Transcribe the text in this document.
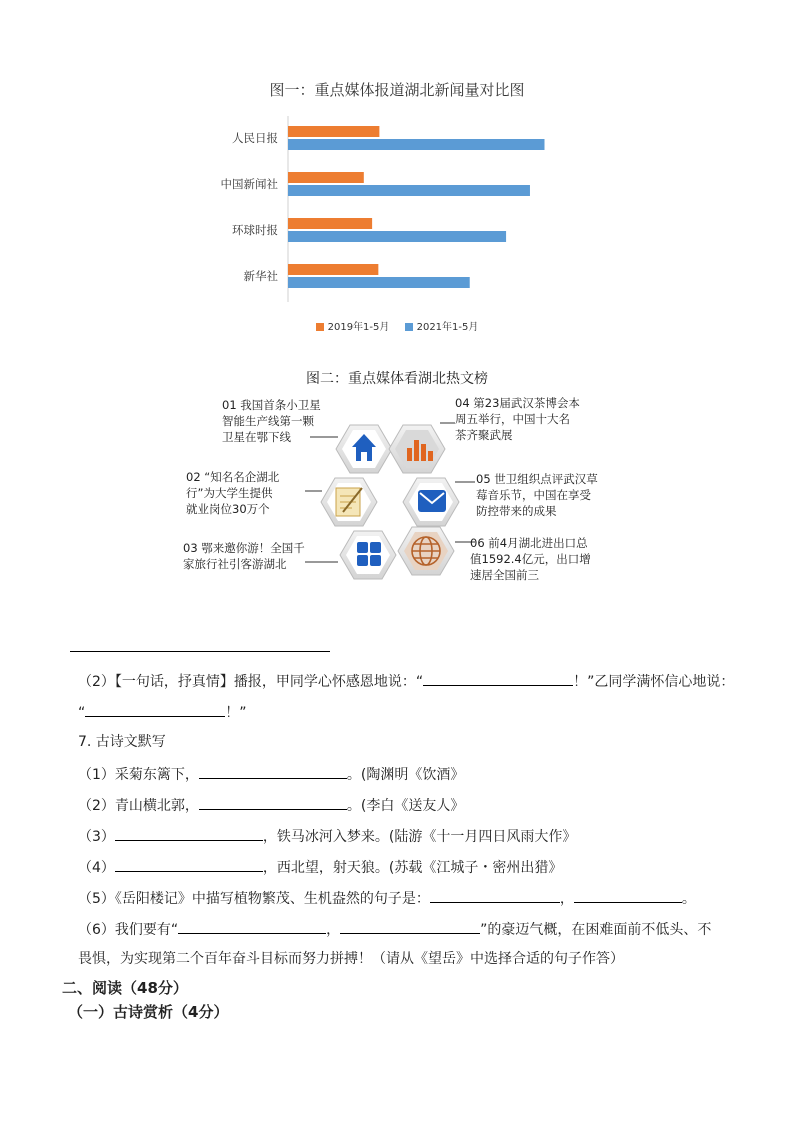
图一：重点媒体报道湖北新闻量对比图
人民日报
中国新闻社
环球时报
新华社
2019年1-5月	2021年1-5月
图二：重点媒体看湖北热文榜
01 我国首条小卫星
智能生产线第一颗
卫星在鄂下线
04 第23届武汉茶博会本
周五举行，中国十大名
茶齐聚武展
02 “知名名企湖北
行”为大学生提供
就业岗位30万个
05 世卫组织点评武汉草
莓音乐节，中国在享受
防控带来的成果
03 鄂来邀你游！全国千
家旅行社引客游湖北
06 前4月湖北进出口总
值1592.4亿元，出口增
速居全国前三
（2）【一句话，抒真情】播报，甲同学心怀感恩地说：“	！”乙同学满怀信心地说：
“	！”
7. 古诗文默写
（1）采菊东篱下，	。(陶渊明《饮酒》
（2）青山横北郭，	。(李白《送友人》
（3）	，铁马冰河入梦来。(陆游《十一月四日风雨大作》
（4）	，西北望，射天狼。(苏载《江城子・密州出猎》
（5）《岳阳楼记》中描写植物繁茂、生机盎然的句子是：	，	。
（6）我们要有“	，	”的豪迈气概，在困难面前不低头、不
畏惧，为实现第二个百年奋斗目标而努力拼搏！（请从《望岳》中选择合适的句子作答）
二、阅读（48分）
（一）古诗赏析（4分）
